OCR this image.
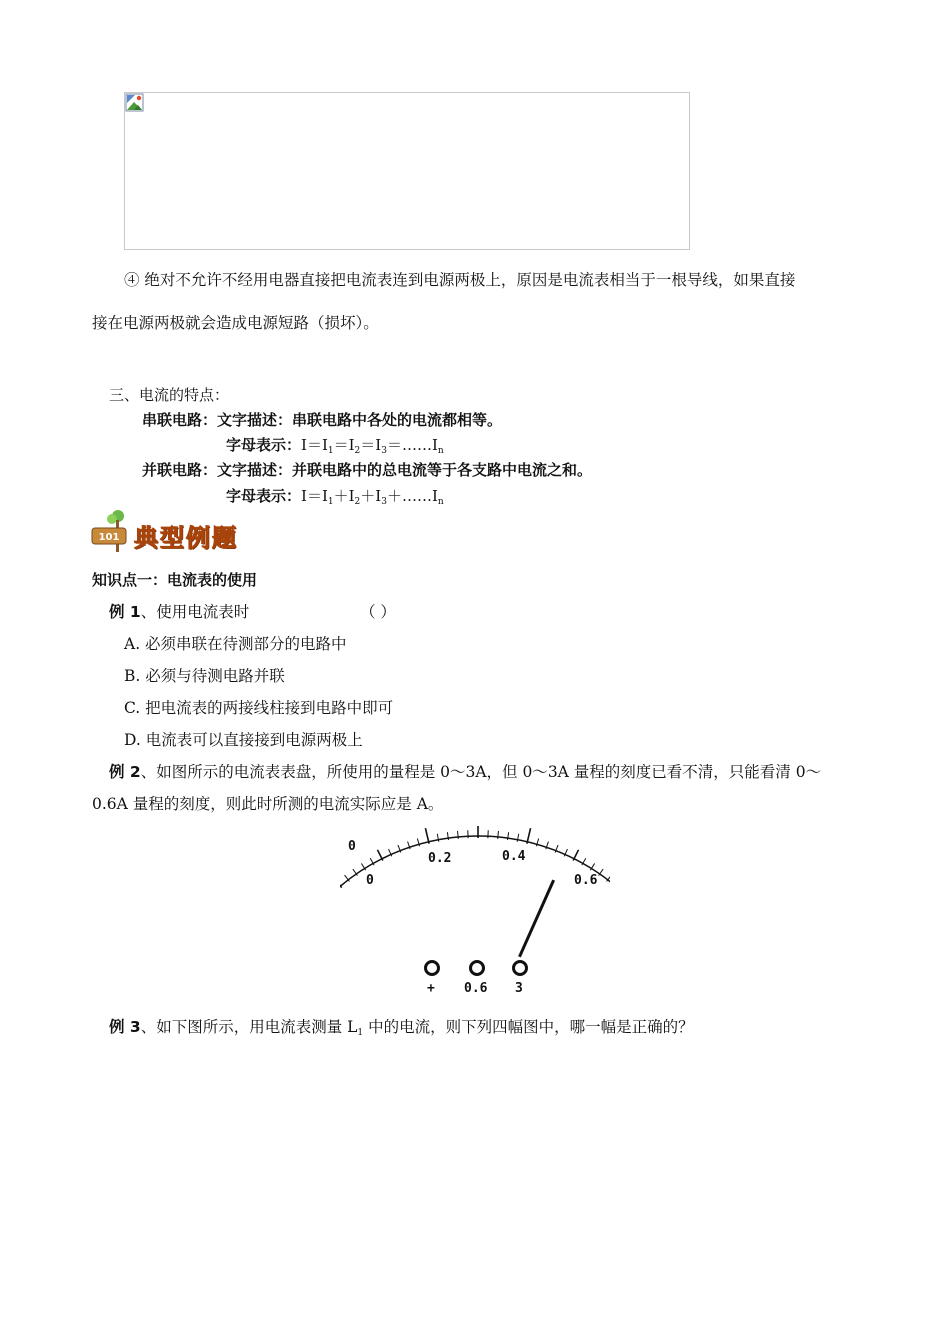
④ 绝对不允许不经用电器直接把电流表连到电源两极上，原因是电流表相当于一根导线，如果直接
接在电源两极就会造成电源短路（损坏）。
三、电流的特点：
串联电路：文字描述：串联电路中各处的电流都相等。
字母表示：$I=I_1=I_2=I_3=\dots\dots I_n$
并联电路：文字描述：并联电路中的总电流等于各支路中电流之和。
字母表示：$I=I_1+I_2+I_3+\dots\dots I_n$
101 典型例题
知识点一：电流表的使用
例 1、使用电流表时	（ ）
A. 必须串联在待测部分的电路中
B. 必须与待测电路并联
C. 把电流表的两接线柱接到电路中即可
D. 电流表可以直接接到电源两极上
例 2、如图所示的电流表表盘，所使用的量程是 0～3A，但 0～3A 量程的刻度已看不清，只能看清 0～
0.6A 量程的刻度，则此时所测的电流实际应是 A。
0
0
0.2	0.4
0.6
+ 0.6 3
例 3、如下图所示，用电流表测量 $L_1$ 中的电流，则下列四幅图中，哪一幅是正确的？
